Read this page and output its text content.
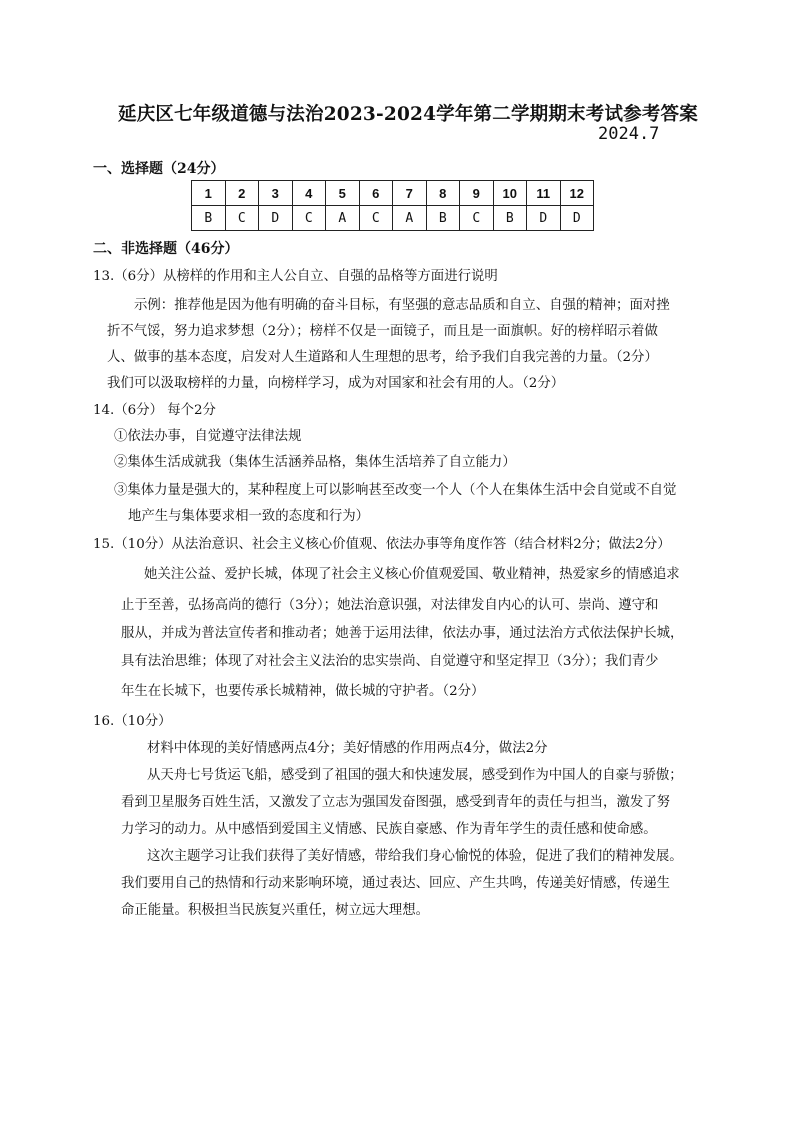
延庆区七年级道德与法治2023-2024学年第二学期期末考试参考答案
2024.7
一、选择题（24分）
1	2	3	4	5	6	7	8	9	10	11	12
B	C	D	C	A	C	A	B	C	B	D	D
二、非选择题（46分）
13.（6分）从榜样的作用和主人公自立、自强的品格等方面进行说明
示例：推荐他是因为他有明确的奋斗目标，有坚强的意志品质和自立、自强的精神；面对挫
折不气馁，努力追求梦想（2分）；榜样不仅是一面镜子，而且是一面旗帜。好的榜样昭示着做
人、做事的基本态度，启发对人生道路和人生理想的思考，给予我们自我完善的力量。（2分）
我们可以汲取榜样的力量，向榜样学习，成为对国家和社会有用的人。（2分）
14.（6分） 每个2分
①依法办事，自觉遵守法律法规
②集体生活成就我（集体生活涵养品格，集体生活培养了自立能力）
③集体力量是强大的，某种程度上可以影响甚至改变一个人（个人在集体生活中会自觉或不自觉
地产生与集体要求相一致的态度和行为）
15.（10分）从法治意识、社会主义核心价值观、依法办事等角度作答（结合材料2分；做法2分）
她关注公益、爱护长城，体现了社会主义核心价值观爱国、敬业精神，热爱家乡的情感追求
止于至善，弘扬高尚的德行（3分）；她法治意识强，对法律发自内心的认可、崇尚、遵守和
服从，并成为普法宣传者和推动者；她善于运用法律，依法办事，通过法治方式依法保护长城，
具有法治思维；体现了对社会主义法治的忠实崇尚、自觉遵守和坚定捍卫（3分）；我们青少
年生在长城下，也要传承长城精神，做长城的守护者。（2分）
16.（10分）
材料中体现的美好情感两点4分；美好情感的作用两点4分，做法2分
从天舟七号货运飞船，感受到了祖国的强大和快速发展，感受到作为中国人的自豪与骄傲；
看到卫星服务百姓生活，又激发了立志为强国发奋图强，感受到青年的责任与担当，激发了努
力学习的动力。从中感悟到爱国主义情感、民族自豪感、作为青年学生的责任感和使命感。
这次主题学习让我们获得了美好情感，带给我们身心愉悦的体验，促进了我们的精神发展。
我们要用自己的热情和行动来影响环境，通过表达、回应、产生共鸣，传递美好情感，传递生
命正能量。积极担当民族复兴重任，树立远大理想。
